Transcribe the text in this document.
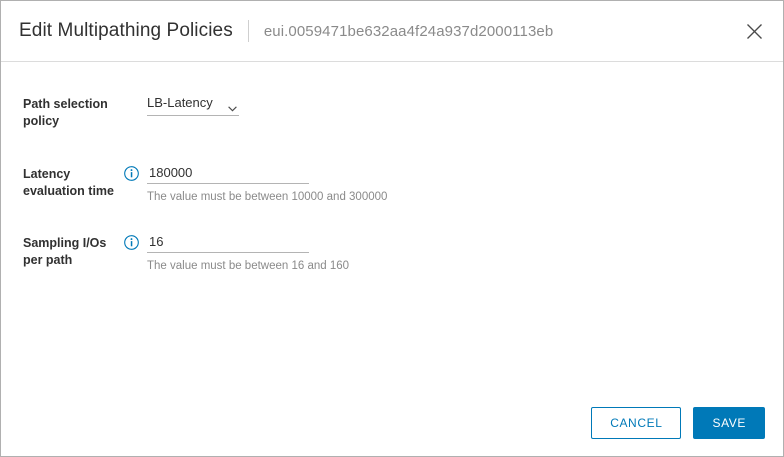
Edit Multipathing Policies eui.0059471be632aa4f24a937d2000113eb
Path selection policy
LB-Latency
Latency evaluation time
180000	The value must be between 10000 and 300000
Sampling I/Os per path
16	The value must be between 16 and 160
CANCEL	SAVE
